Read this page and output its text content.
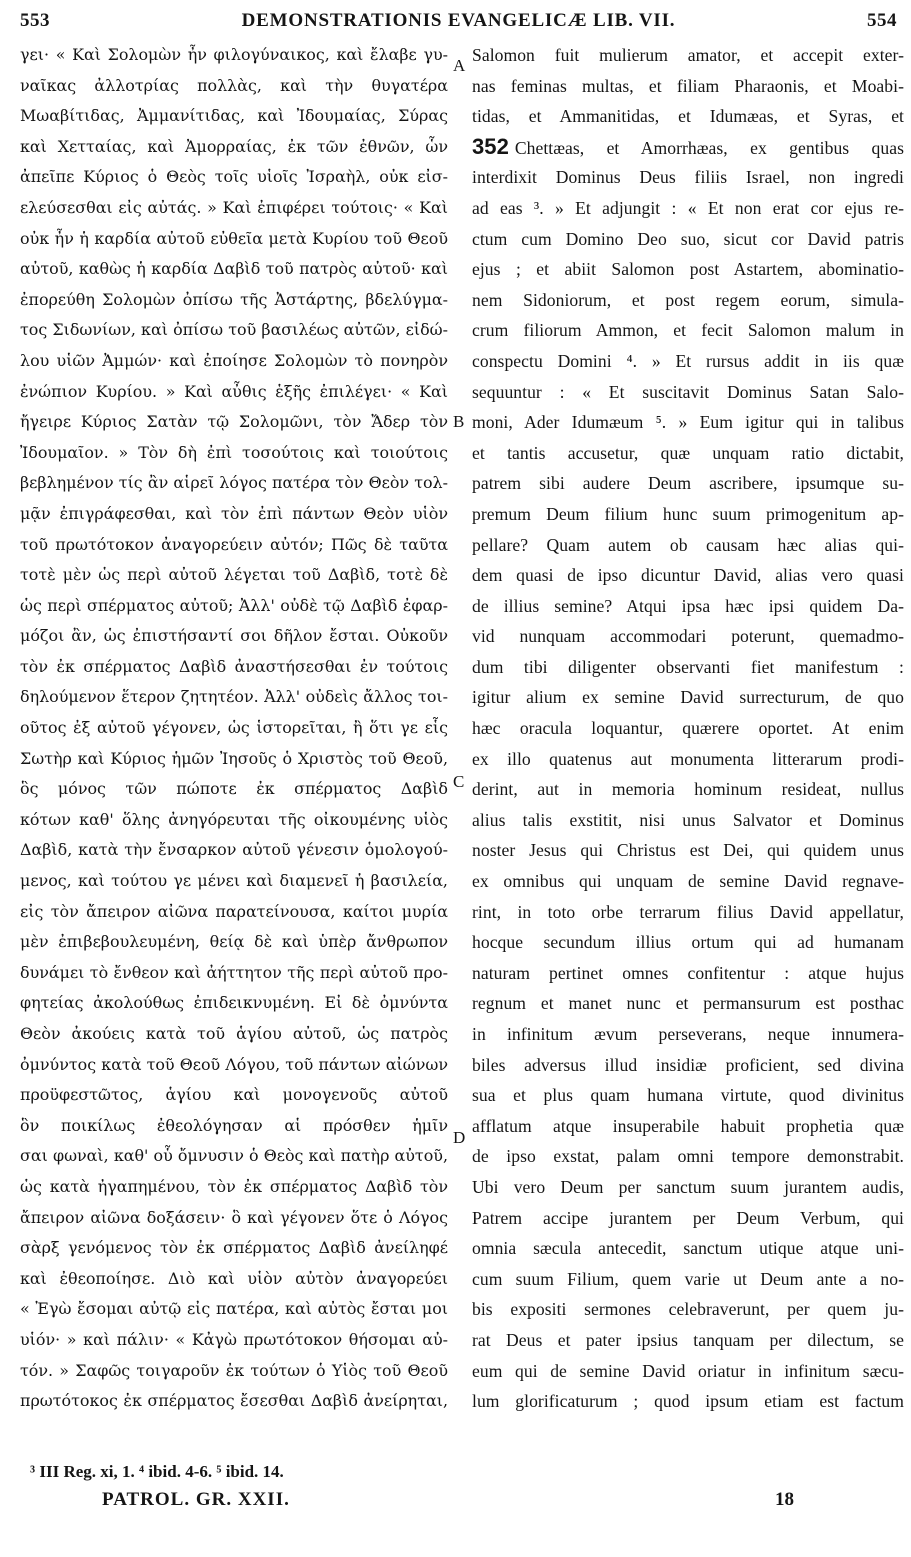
553	DEMONSTRATIONIS EVANGELICÆ LIB. VII.	554
γει· « Καὶ Σολομὼν ἦν φιλογύναικος, καὶ ἔλαβε γυ-
ναῖκας ἀλλοτρίας πολλὰς, καὶ τὴν θυγατέρα
Μωαβίτιδας, Ἀμμανίτιδας, καὶ Ἰδουμαίας, Σύρας
καὶ Χετταίας, καὶ Ἀμορραίας, ἐκ τῶν ἐθνῶν, ὧν
ἀπεῖπε Κύριος ὁ Θεὸς τοῖς υἱοῖς Ἰσραὴλ, οὐκ εἰσ-
ελεύσεσθαι εἰς αὐτάς. » Καὶ ἐπιφέρει τούτοις· « Καὶ
οὐκ ἦν ἡ καρδία αὐτοῦ εὐθεῖα μετὰ Κυρίου τοῦ Θεοῦ
αὐτοῦ, καθὼς ἡ καρδία Δαβὶδ τοῦ πατρὸς αὐτοῦ· καὶ
ἐπορεύθη Σολομὼν ὀπίσω τῆς Ἀστάρτης, βδελύγμα-
τος Σιδωνίων, καὶ ὀπίσω τοῦ βασιλέως αὐτῶν, εἰδώ-
λου υἱῶν Ἀμμών· καὶ ἐποίησε Σολομὼν τὸ πονηρὸν
ἐνώπιον Κυρίου. » Καὶ αὖθις ἑξῆς ἐπιλέγει· « Καὶ
ἤγειρε Κύριος Σατὰν τῷ Σολομῶνι, τὸν Ἄδερ τὸν
Ἰδουμαῖον. » Τὸν δὴ ἐπὶ τοσούτοις καὶ τοιούτοις
βεβλημένον τίς ἂν αἱρεῖ λόγος πατέρα τὸν Θεὸν τολ-
μᾷν ἐπιγράφεσθαι, καὶ τὸν ἐπὶ πάντων Θεὸν υἱὸν
τοῦ πρωτότοκον ἀναγορεύειν αὐτόν; Πῶς δὲ ταῦτα
τοτὲ μὲν ὡς περὶ αὐτοῦ λέγεται τοῦ Δαβὶδ, τοτὲ δὲ
ὡς περὶ σπέρματος αὐτοῦ; Ἀλλ' οὐδὲ τῷ Δαβὶδ ἐφαρ-
μόζοι ἂν, ὡς ἐπιστήσαντί σοι δῆλον ἔσται. Οὐκοῦν
τὸν ἐκ σπέρματος Δαβὶδ ἀναστήσεσθαι ἐν τούτοις
δηλούμενον ἕτερον ζητητέον. Ἀλλ' οὐδεὶς ἄλλος τοι-
οῦτος ἐξ αὐτοῦ γέγονεν, ὡς ἱστορεῖται, ἢ ὅτι γε εἷς
Σωτὴρ καὶ Κύριος ἡμῶν Ἰησοῦς ὁ Χριστὸς τοῦ Θεοῦ,
ὃς μόνος τῶν πώποτε ἐκ σπέρματος Δαβὶδ
κότων καθ' ὅλης ἀνηγόρευται τῆς οἰκουμένης υἱὸς
Δαβὶδ, κατὰ τὴν ἔνσαρκον αὐτοῦ γένεσιν ὁμολογού-
μενος, καὶ τούτου γε μένει καὶ διαμενεῖ ἡ βασιλεία,
εἰς τὸν ἄπειρον αἰῶνα παρατείνουσα, καίτοι μυρία
μὲν ἐπιβεβουλευμένη, θείᾳ δὲ καὶ ὑπὲρ ἄνθρωπον
δυνάμει τὸ ἔνθεον καὶ ἀήττητον τῆς περὶ αὐτοῦ προ-
φητείας ἀκολούθως ἐπιδεικνυμένη. Εἰ δὲ ὀμνύντα
Θεὸν ἀκούεις κατὰ τοῦ ἁγίου αὐτοῦ, ὡς πατρὸς
ὀμνύντος κατὰ τοῦ Θεοῦ Λόγου, τοῦ πάντων αἰώνων
προϋφεστῶτος, ἁγίου καὶ μονογενοῦς αὐτοῦ
ὃν ποικίλως ἐθεολόγησαν αἱ πρόσθεν ἡμῖν
σαι φωναὶ, καθ' οὗ ὄμνυσιν ὁ Θεὸς καὶ πατὴρ αὐτοῦ,
ὡς κατὰ ἠγαπημένου, τὸν ἐκ σπέρματος Δαβὶδ τὸν
ἄπειρον αἰῶνα δοξάσειν· ὃ καὶ γέγονεν ὅτε ὁ Λόγος
σὰρξ γενόμενος τὸν ἐκ σπέρματος Δαβὶδ ἀνείληφέ
καὶ ἐθεοποίησε. Διὸ καὶ υἱὸν αὐτὸν ἀναγορεύει
« Ἐγὼ ἔσομαι αὐτῷ εἰς πατέρα, καὶ αὐτὸς ἔσται μοι
υἱόν· » καὶ πάλιν· « Κἀγὼ πρωτότοκον θήσομαι αὐ-
τόν. » Σαφῶς τοιγαροῦν ἐκ τούτων ὁ Υἱὸς τοῦ Θεοῦ
πρωτότοκος ἐκ σπέρματος ἔσεσθαι Δαβὶδ ἀνείρηται,
Salomon fuit mulierum amator, et accepit exter-
nas feminas multas, et filiam Pharaonis, et Moabi-
tidas, et Ammanitidas, et Idumæas, et Syras, et
352 Chettæas, et Amorrhæas, ex gentibus quas
interdixit Dominus Deus filiis Israel, non ingredi
ad eas ³. » Et adjungit : « Et non erat cor ejus re-
ctum cum Domino Deo suo, sicut cor David patris
ejus ; et abiit Salomon post Astartem, abominatio-
nem Sidoniorum, et post regem eorum, simula-
crum filiorum Ammon, et fecit Salomon malum in
conspectu Domini ⁴. » Et rursus addit in iis quæ
sequuntur : « Et suscitavit Dominus Satan Salo-
moni, Ader Idumæum ⁵. » Eum igitur qui in talibus
et tantis accusetur, quæ unquam ratio dictabit,
patrem sibi audere Deum ascribere, ipsumque su-
premum Deum filium hunc suum primogenitum ap-
pellare? Quam autem ob causam hæc alias qui-
dem quasi de ipso dicuntur David, alias vero quasi
de illius semine? Atqui ipsa hæc ipsi quidem Da-
vid nunquam accommodari poterunt, quemadmo-
dum tibi diligenter observanti fiet manifestum :
igitur alium ex semine David surrecturum, de quo
hæc oracula loquantur, quærere oportet. At enim
ex illo quatenus aut monumenta litterarum prodi-
derint, aut in memoria hominum resideat, nullus
alius talis exstitit, nisi unus Salvator et Dominus
noster Jesus qui Christus est Dei, qui quidem unus
ex omnibus qui unquam de semine David regnave-
rint, in toto orbe terrarum filius David appellatur,
hocque secundum illius ortum qui ad humanam
naturam pertinet omnes confitentur : atque hujus
regnum et manet nunc et permansurum est posthac
in infinitum ævum perseverans, neque innumera-
biles adversus illud insidiæ proficient, sed divina
sua et plus quam humana virtute, quod divinitus
afflatum atque insuperabile habuit prophetia quæ
de ipso exstat, palam omni tempore demonstrabit.
Ubi vero Deum per sanctum suum jurantem audis,
Patrem accipe jurantem per Deum Verbum, qui
omnia sæcula antecedit, sanctum utique atque uni-
cum suum Filium, quem varie ut Deum ante a no-
bis expositi sermones celebraverunt, per quem ju-
rat Deus et pater ipsius tanquam per dilectum, se
eum qui de semine David oriatur in infinitum sæcu-
lum glorificaturum ; quod ipsum etiam est factum
A
B
C
D
³ III Reg. xi, 1. ⁴ ibid. 4-6. ⁵ ibid. 14.
PATROL. GR. XXII.	18
